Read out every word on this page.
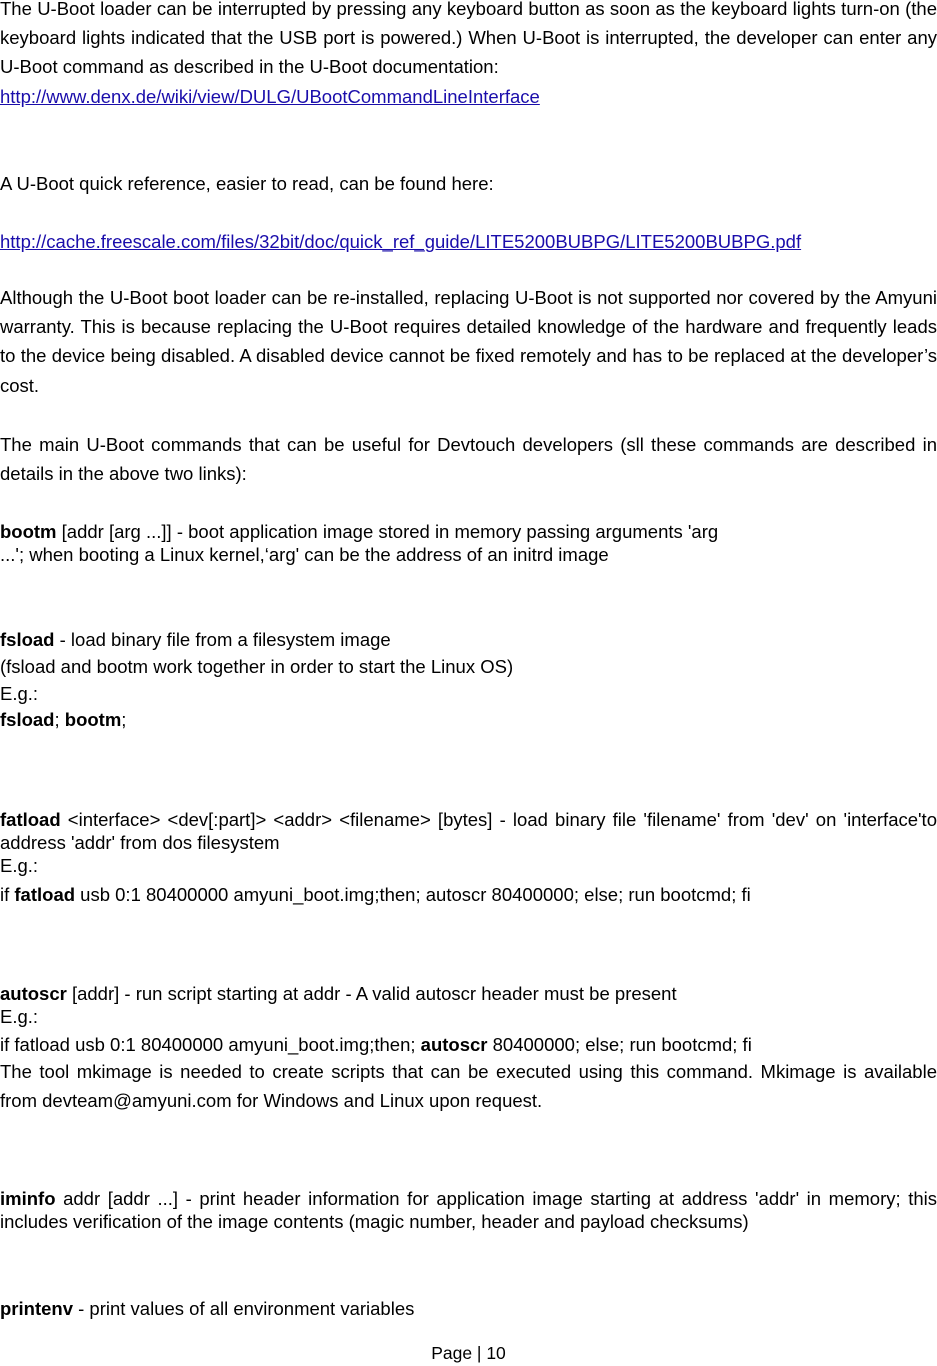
The U-Boot loader can be interrupted by pressing any keyboard button as soon as the keyboard lights turn-on (the keyboard lights indicated that the USB port is powered.) When U-Boot is interrupted, the developer can enter any U-Boot command as described in the U-Boot documentation:
http://www.denx.de/wiki/view/DULG/UBootCommandLineInterface

A U-Boot quick reference, easier to read, can be found here:

http://cache.freescale.com/files/32bit/doc/quick_ref_guide/LITE5200BUBPG/LITE5200BUBPG.pdf

Although the U-Boot boot loader can be re-installed, replacing U-Boot is not supported nor covered by the Amyuni warranty. This is because replacing the U-Boot requires detailed knowledge of the hardware and frequently leads to the device being disabled. A disabled device cannot be fixed remotely and has to be replaced at the developer’s cost.

The main U-Boot commands that can be useful for Devtouch developers (sll these commands are described in details in the above two links):

bootm [addr [arg ...]] - boot application image stored in memory passing arguments 'arg
...'; when booting a Linux kernel,‘arg' can be the address of an initrd image

fsload - load binary file from a filesystem image
(fsload and bootm work together in order to start the Linux OS)
E.g.:
fsload; bootm;
fatload <interface> <dev[:part]> <addr> <filename> [bytes] - load binary file 'filename' from 'dev' on 'interface'to address 'addr' from dos filesystem
E.g.:
if fatload usb 0:1 80400000 amyuni_boot.img;then; autoscr 80400000; else; run bootcmd; fi
autoscr [addr] - run script starting at addr - A valid autoscr header must be present
E.g.:
if fatload usb 0:1 80400000 amyuni_boot.img;then; autoscr 80400000; else; run bootcmd; fi
The tool mkimage is needed to create scripts that can be executed using this command. Mkimage is available from devteam@amyuni.com for Windows and Linux upon request.

iminfo addr [addr ...] - print header information for application image starting at address 'addr' in memory; this includes verification of the image contents (magic number, header and payload checksums)

printenv - print values of all environment variables

Page | 10
